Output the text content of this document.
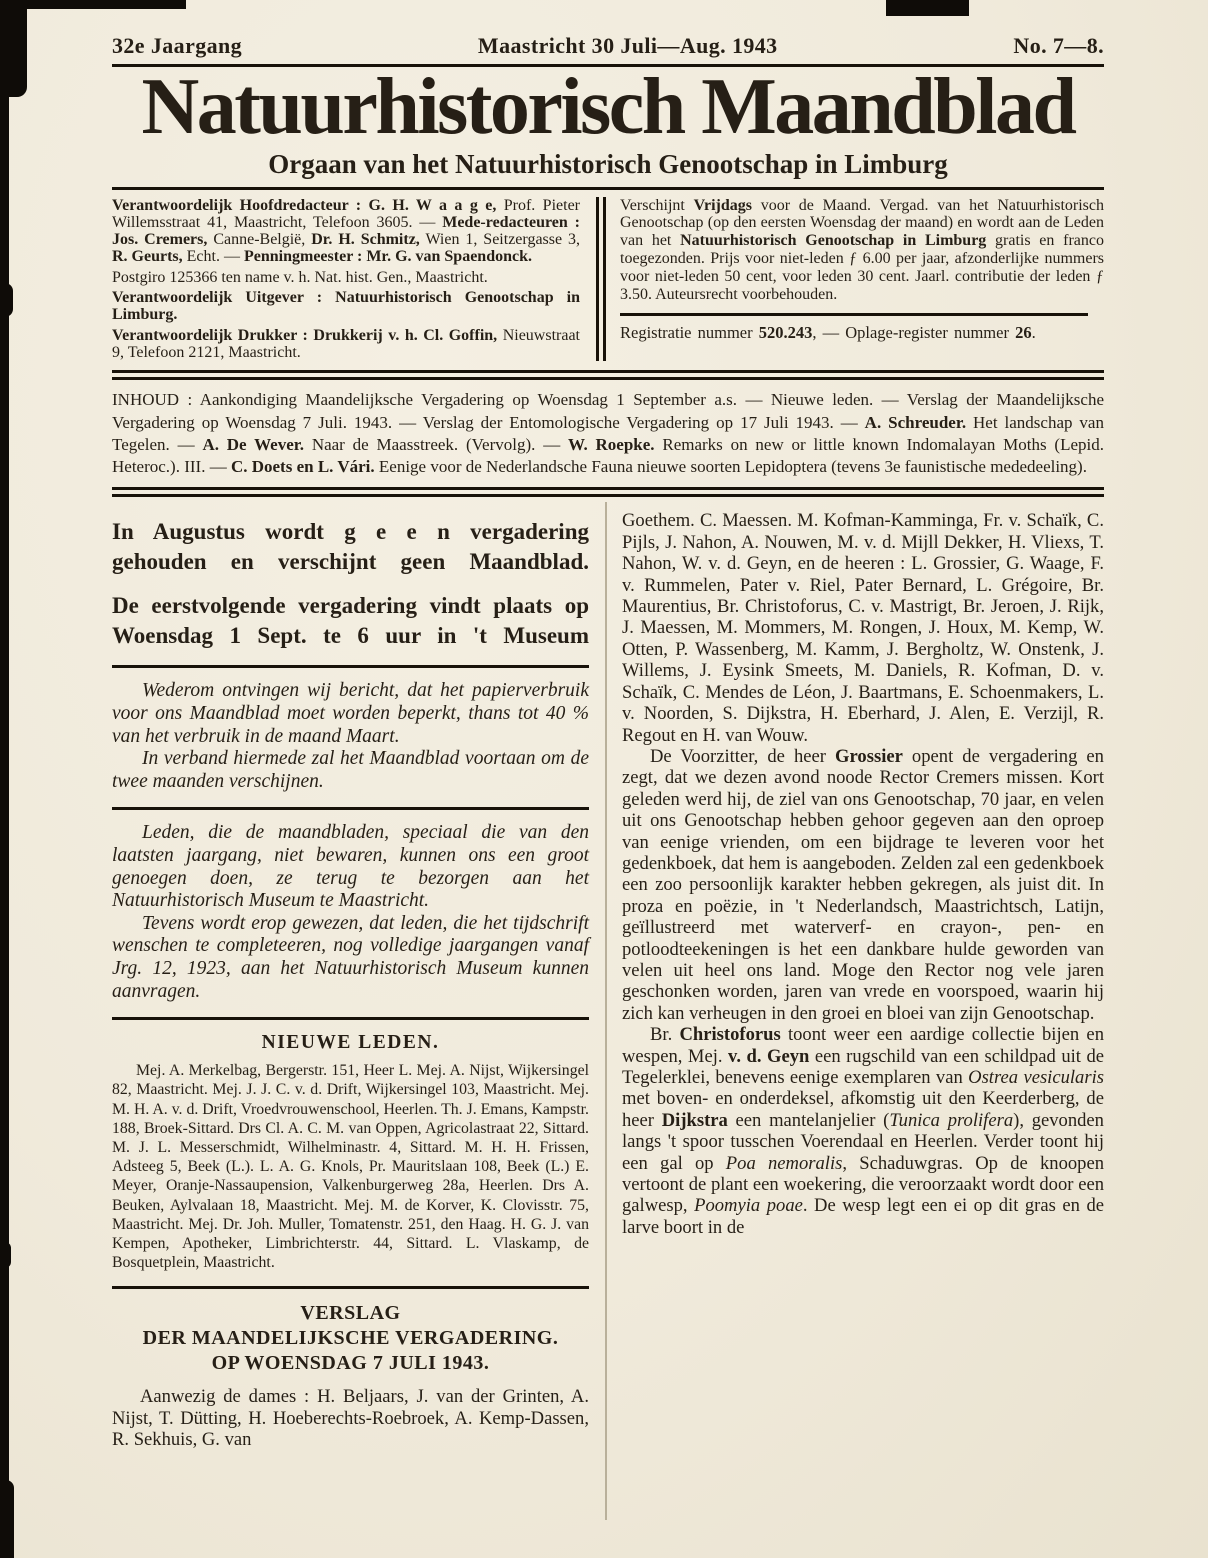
32e Jaargang	Maastricht 30 Juli—Aug. 1943	No. 7—8.
Natuurhistorisch Maandblad
Orgaan van het Natuurhistorisch Genootschap in Limburg

Verantwoordelijk Hoofdredacteur : G. H. W a a g e, Prof. Pieter Willemsstraat 41, Maastricht, Telefoon 3605. — Mede-redacteuren : Jos. Cremers, Canne-België, Dr. H. Schmitz, Wien 1, Seitzergasse 3, R. Geurts, Echt. — Penningmeester : Mr. G. van Spaendonck.

Postgiro 125366 ten name v. h. Nat. hist. Gen., Maastricht.

Verantwoordelijk Uitgever : Natuurhistorisch Genootschap in Limburg.

Verantwoordelijk Drukker : Drukkerij v. h. Cl. Goffin, Nieuwstraat 9, Telefoon 2121, Maastricht.

Verschijnt Vrijdags voor de Maand. Vergad. van het Natuurhistorisch Genootschap (op den eersten Woensdag der maand) en wordt aan de Leden van het Natuurhistorisch Genootschap in Limburg gratis en franco toegezonden. Prijs voor niet-leden ƒ 6.00 per jaar, afzonderlijke nummers voor niet-leden 50 cent, voor leden 30 cent. Jaarl. contributie der leden ƒ 3.50. Auteursrecht voorbehouden.

Registratie nummer 520.243, — Oplage-register nummer 26.

INHOUD : Aankondiging Maandelijksche Vergadering op Woensdag 1 September a.s. — Nieuwe leden. — Verslag der Maandelijksche Vergadering op Woensdag 7 Juli. 1943. — Verslag der Entomologische Vergadering op 17 Juli 1943. — A. Schreuder. Het landschap van Tegelen. — A. De Wever. Naar de Maasstreek. (Vervolg). — W. Roepke. Remarks on new or little known Indomalayan Moths (Lepid. Heteroc.). III. — C. Doets en L. Vári. Eenige voor de Nederlandsche Fauna nieuwe soorten Lepidoptera (tevens 3e faunistische mededeeling).

In Augustus wordt g e e n vergadering gehouden en verschijnt geen Maandblad.

De eerstvolgende vergadering vindt plaats op Woensdag 1 Sept. te 6 uur in 't Museum

Wederom ontvingen wij bericht, dat het papierverbruik voor ons Maandblad moet worden beperkt, thans tot 40 % van het verbruik in de maand Maart.

In verband hiermede zal het Maandblad voortaan om de twee maanden verschijnen.

Leden, die de maandbladen, speciaal die van den laatsten jaargang, niet bewaren, kunnen ons een groot genoegen doen, ze terug te bezorgen aan het Natuurhistorisch Museum te Maastricht.

Tevens wordt erop gewezen, dat leden, die het tijdschrift wenschen te completeeren, nog volledige jaargangen vanaf Jrg. 12, 1923, aan het Natuurhistorisch Museum kunnen aanvragen.

NIEUWE LEDEN.

Mej. A. Merkelbag, Bergerstr. 151, Heer L. Mej. A. Nijst, Wijkersingel 82, Maastricht. Mej. J. J. C. v. d. Drift, Wijkersingel 103, Maastricht. Mej. M. H. A. v. d. Drift, Vroedvrouwenschool, Heerlen. Th. J. Emans, Kampstr. 188, Broek-Sittard. Drs Cl. A. C. M. van Oppen, Agricolastraat 22, Sittard. M. J. L. Messerschmidt, Wilhelminastr. 4, Sittard. M. H. H. Frissen, Adsteeg 5, Beek (L.). L. A. G. Knols, Pr. Mauritslaan 108, Beek (L.) E. Meyer, Oranje-Nassaupension, Valkenburgerweg 28a, Heerlen. Drs A. Beuken, Aylvalaan 18, Maastricht. Mej. M. de Korver, K. Clovisstr. 75, Maastricht. Mej. Dr. Joh. Muller, Tomatenstr. 251, den Haag. H. G. J. van Kempen, Apotheker, Limbrichterstr. 44, Sittard. L. Vlaskamp, de Bosquetplein, Maastricht.

VERSLAG
DER MAANDELIJKSCHE VERGADERING.
OP WOENSDAG 7 JULI 1943.

Aanwezig de dames : H. Beljaars, J. van der Grinten, A. Nijst, T. Dütting, H. Hoeberechts-Roebroek, A. Kemp-Dassen, R. Sekhuis, G. van

Goethem. C. Maessen. M. Kofman-Kamminga, Fr. v. Schaïk, C. Pijls, J. Nahon, A. Nouwen, M. v. d. Mijll Dekker, H. Vliexs, T. Nahon, W. v. d. Geyn, en de heeren : L. Grossier, G. Waage, F. v. Rummelen, Pater v. Riel, Pater Bernard, L. Grégoire, Br. Maurentius, Br. Christoforus, C. v. Mastrigt, Br. Jeroen, J. Rijk, J. Maessen, M. Mommers, M. Rongen, J. Houx, M. Kemp, W. Otten, P. Wassenberg, M. Kamm, J. Bergholtz, W. Onstenk, J. Willems, J. Eysink Smeets, M. Daniels, R. Kofman, D. v. Schaïk, C. Mendes de Léon, J. Baartmans, E. Schoenmakers, L. v. Noorden, S. Dijkstra, H. Eberhard, J. Alen, E. Verzijl, R. Regout en H. van Wouw.

De Voorzitter, de heer Grossier opent de vergadering en zegt, dat we dezen avond noode Rector Cremers missen. Kort geleden werd hij, de ziel van ons Genootschap, 70 jaar, en velen uit ons Genootschap hebben gehoor gegeven aan den oproep van eenige vrienden, om een bijdrage te leveren voor het gedenkboek, dat hem is aangeboden. Zelden zal een gedenkboek een zoo persoonlijk karakter hebben gekregen, als juist dit. In proza en poëzie, in 't Nederlandsch, Maastrichtsch, Latijn, geïllustreerd met waterverf- en crayon-, pen- en potloodteekeningen is het een dankbare hulde geworden van velen uit heel ons land. Moge den Rector nog vele jaren geschonken worden, jaren van vrede en voorspoed, waarin hij zich kan verheugen in den groei en bloei van zijn Genootschap.

Br. Christoforus toont weer een aardige collectie bijen en wespen, Mej. v. d. Geyn een rugschild van een schildpad uit de Tegelerklei, benevens eenige exemplaren van Ostrea vesicularis met boven- en onderdeksel, afkomstig uit den Keerderberg, de heer Dijkstra een mantelanjelier (Tunica prolifera), gevonden langs 't spoor tusschen Voerendaal en Heerlen. Verder toont hij een gal op Poa nemoralis, Schaduwgras. Op de knoopen vertoont de plant een woekering, die veroorzaakt wordt door een galwesp, Poomyia poae. De wesp legt een ei op dit gras en de larve boort in de
